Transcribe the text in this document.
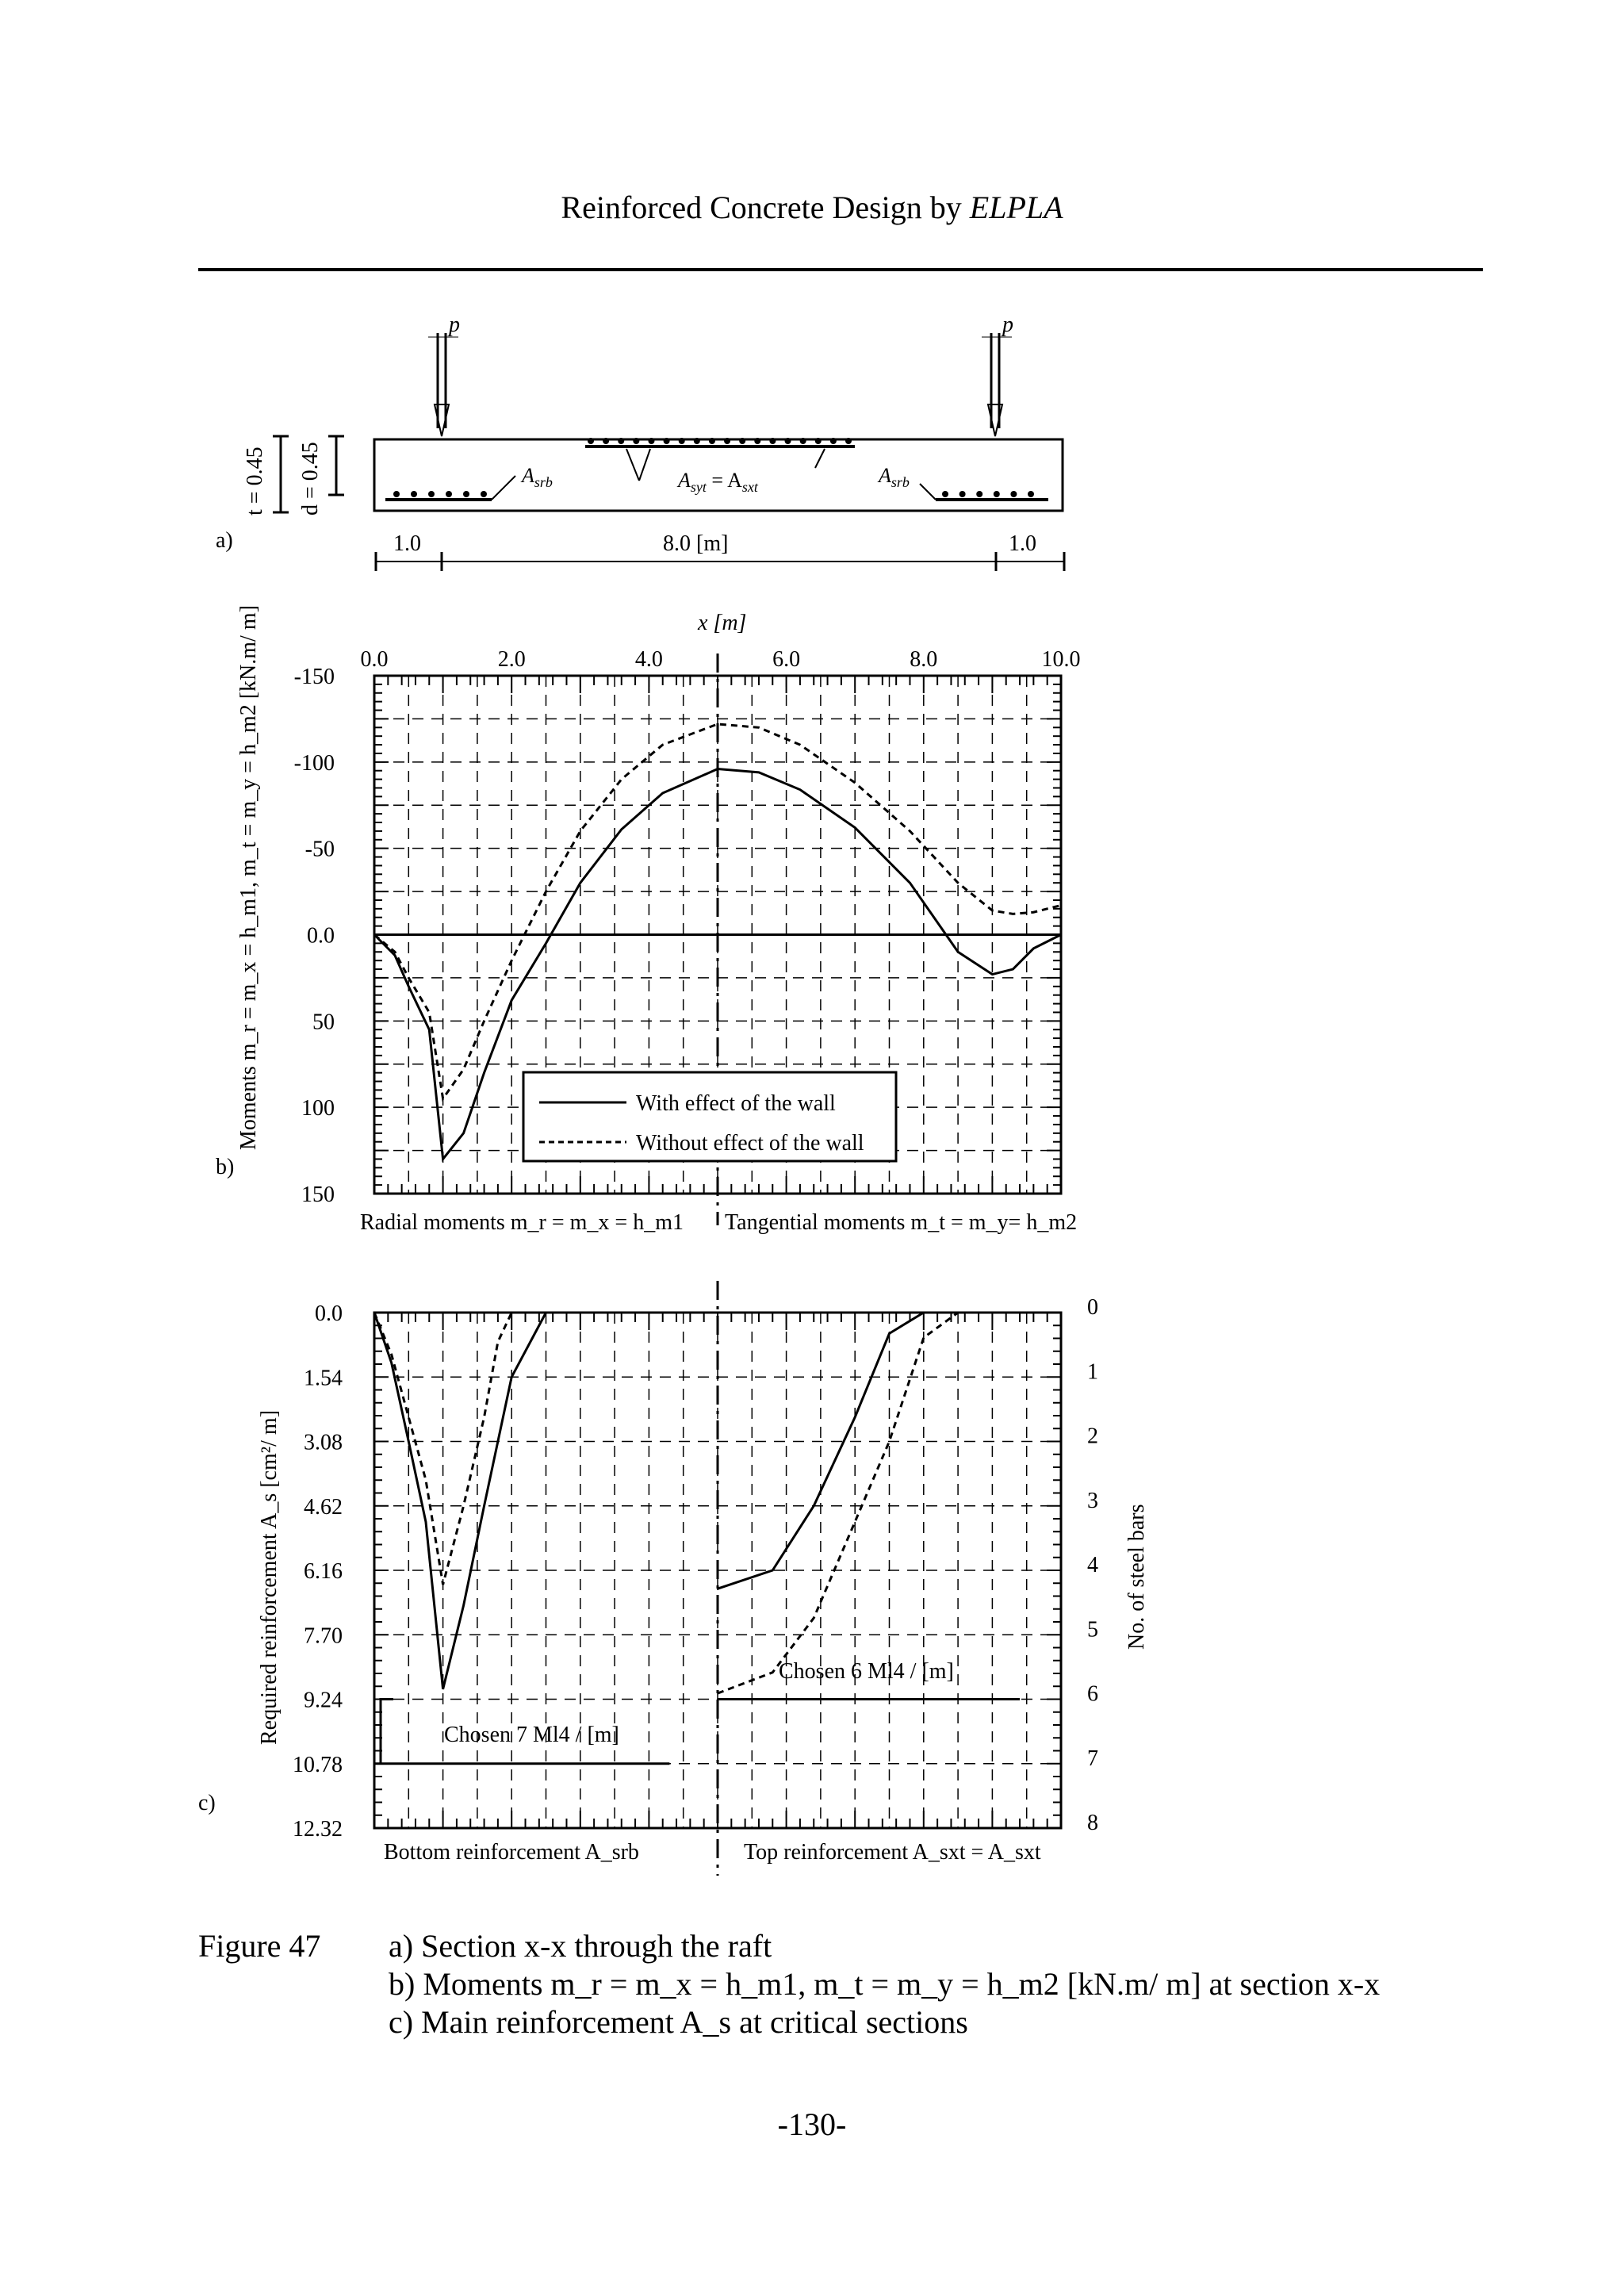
Reinforced Concrete Design by ELPLA
p	p
t = 0.45 d = 0.45	$A_{srb}$	$A_{syt} = A_{sxt}$	$A_{srb}$
a)	1.0	8.0 [m]	1.0
0.0	2.0	4.0	6.0	8.0	10.0
-150
-100
-50
0.0
50
100
150
x [m]
b)
Moments m_r = m_x = h_m1, m_t = m_y = h_m2 [kN.m/ m]	With effect of the wall
Without effect of the wall
Radial moments m_r = m_x = h_m1 Tangential moments m_t = m_y= h_m2
0.0
1.54
3.08
4.62
6.16
7.70
9.24
10.78
12.32
0
1
2
3
4
5
6
7
8
c)
Required reinforcement A_s [cm²/ m]	No. of steel bars
Chosen 7 Ml4 / [m]
Chosen 6 Ml4 / [m]
Bottom reinforcement A_srb	Top reinforcement A_sxt = A_sxt
Figure 47 a) Section x-x through the raft
b) Moments m_r = m_x = h_m1, m_t = m_y = h_m2 [kN.m/ m] at section x-x
c) Main reinforcement A_s at critical sections
-130-
